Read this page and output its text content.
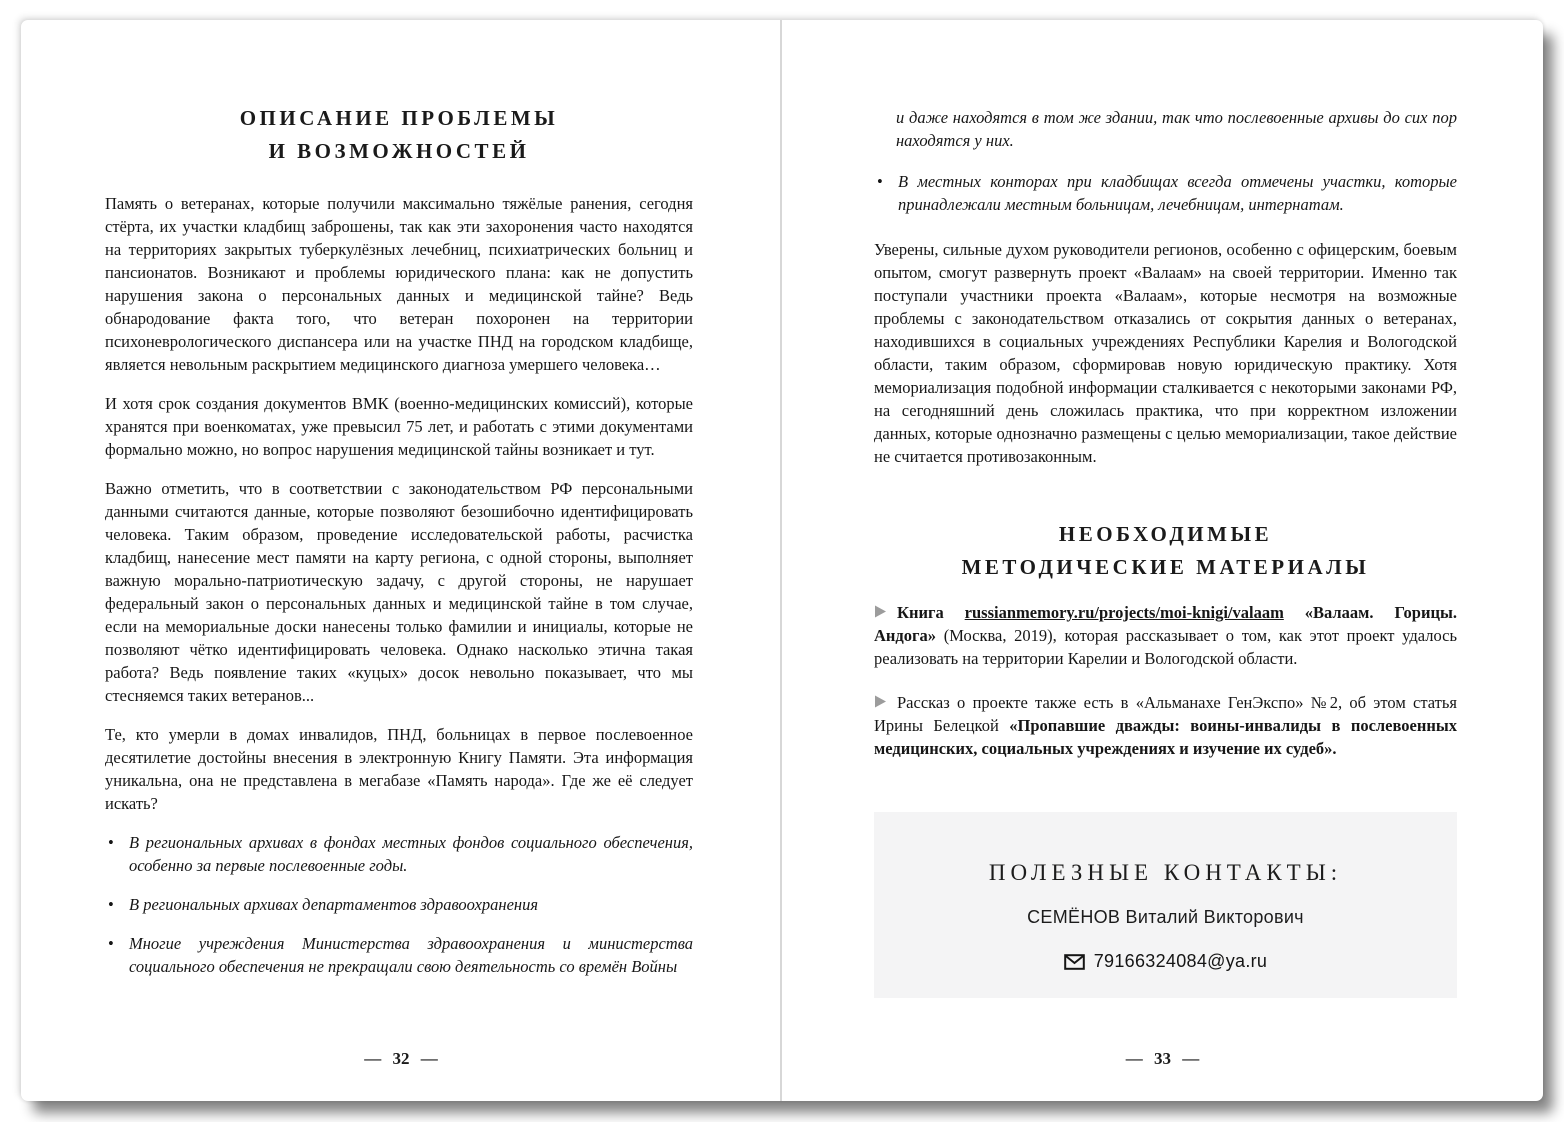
ОПИСАНИЕ ПРОБЛЕМЫ
И ВОЗМОЖНОСТЕЙ

Память о ветеранах, которые получили максимально тяжёлые ранения, сегодня стёрта, их участки кладбищ заброшены, так как эти захоронения часто находятся на территориях закрытых туберкулёзных лечебниц, психиатрических больниц и пансионатов. Возникают и проблемы юридического плана: как не допустить нарушения закона о персональных данных и медицинской тайне? Ведь обнародование факта того, что ветеран похоронен на территории психоневрологического диспансера или на участке ПНД на городском кладбище, является невольным раскрытием медицинского диагноза умершего человека…

И хотя срок создания документов ВМК (военно-медицинских комиссий), которые хранятся при военкоматах, уже превысил 75 лет, и работать с этими документами формально можно, но вопрос нарушения медицинской тайны возникает и тут.

Важно отметить, что в соответствии с законодательством РФ персональными данными считаются данные, которые позволяют безошибочно идентифицировать человека. Таким образом, проведение исследовательской работы, расчистка кладбищ, нанесение мест памяти на карту региона, с одной стороны, выполняет важную морально-патриотическую задачу, с другой стороны, не нарушает федеральный закон о персональных данных и медицинской тайне в том случае, если на мемориальные доски нанесены только фамилии и инициалы, которые не позволяют чётко идентифицировать человека. Однако насколько этична такая работа? Ведь появление таких «куцых» досок невольно показывает, что мы стесняемся таких ветеранов...

Те, кто умерли в домах инвалидов, ПНД, больницах в первое послевоенное десятилетие достойны внесения в электронную Книгу Памяти. Эта информация уникальна, она не представлена в мегабазе «Память народа». Где же её следует искать?

• В региональных архивах в фондах местных фондов социального обеспечения, особенно за первые послевоенные годы.
• В региональных архивах департаментов здравоохранения
• Многие учреждения Министерства здравоохранения и министерства социального обеспечения не прекращали свою деятельность со времён Войны
— 32 —

и даже находятся в том же здании, так что послевоенные архивы до сих пор находятся у них.

• В местных конторах при кладбищах всегда отмечены участки, которые принадлежали местным больницам, лечебницам, интернатам.

Уверены, сильные духом руководители регионов, особенно с офицерским, боевым опытом, смогут развернуть проект «Валаам» на своей территории. Именно так поступали участники проекта «Валаам», которые несмотря на возможные проблемы с законодательством отказались от сокрытия данных о ветеранах, находившихся в социальных учреждениях Республики Карелия и Вологодской области, таким образом, сформировав новую юридическую практику. Хотя мемориализация подобной информации сталкивается с некоторыми законами РФ, на сегодняшний день сложилась практика, что при корректном изложении данных, которые однозначно размещены с целью мемориализации, такое действие не считается противозаконным.

НЕОБХОДИМЫЕ
МЕТОДИЧЕСКИЕ МАТЕРИАЛЫ

Книга russianmemory.ru/projects/moi-knigi/valaam «Валаам. Горицы. Андога» (Москва, 2019), которая рассказывает о том, как этот проект удалось реализовать на территории Карелии и Вологодской области.

Рассказ о проекте также есть в «Альманахе ГенЭкспо» №2, об этом статья Ирины Белецкой «Пропавшие дважды: воины-инвалиды в послевоенных медицинских, социальных учреждениях и изучение их судеб».

ПОЛЕЗНЫЕ КОНТАКТЫ:
СЕМЁНОВ Виталий Викторович
79166324084@ya.ru
— 33 —
